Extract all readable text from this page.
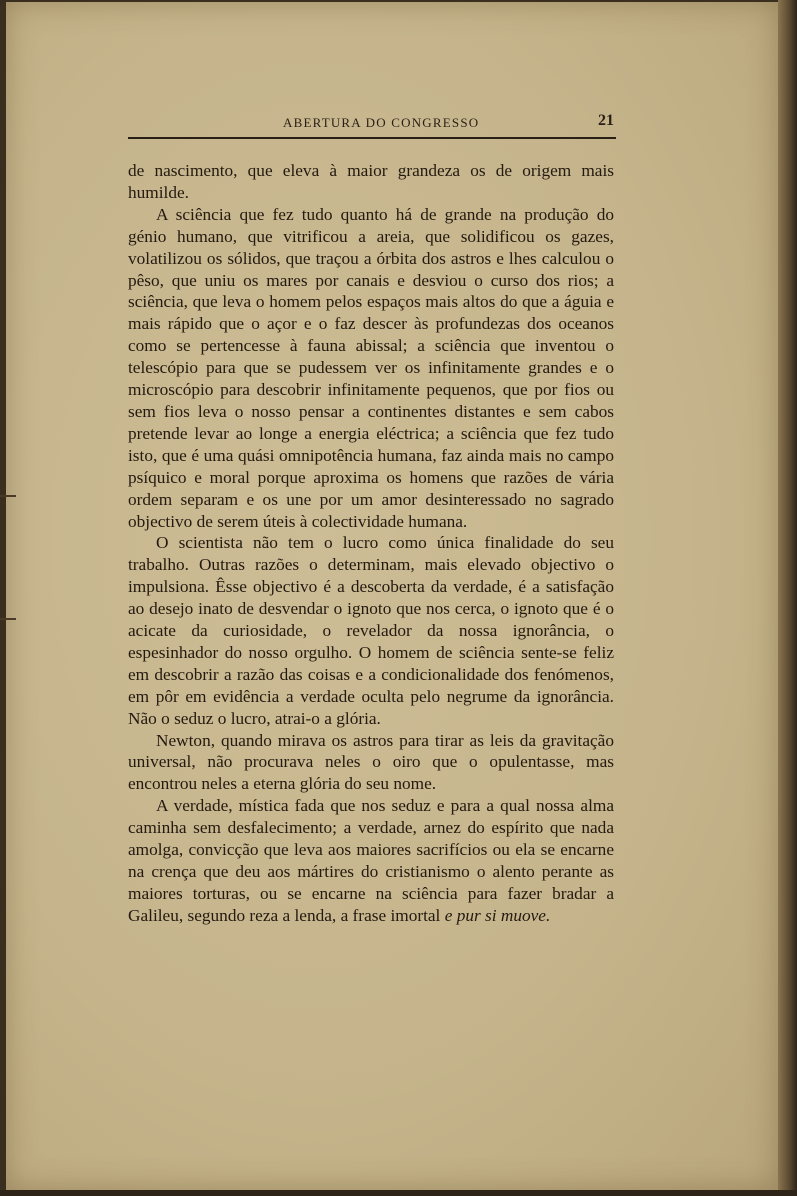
ABERTURA DO CONGRESSO	21

de nascimento, que eleva à maior grandeza os de origem mais humilde.

A sciência que fez tudo quanto há de grande na produção do génio humano, que vitrificou a areia, que solidificou os gazes, volatilizou os sólidos, que traçou a órbita dos astros e lhes calculou o pêso, que uniu os mares por canais e desviou o curso dos rios; a sciência, que leva o homem pelos espaços mais altos do que a águia e mais rápido que o açor e o faz descer às profundezas dos oceanos como se pertencesse à fauna abissal; a sciência que inventou o telescópio para que se pudessem ver os infinitamente grandes e o microscópio para descobrir infinitamente pequenos, que por fios ou sem fios leva o nosso pensar a continentes distantes e sem cabos pretende levar ao longe a energia eléctrica; a sciência que fez tudo isto, que é uma quási omnipotência humana, faz ainda mais no campo psíquico e moral porque aproxima os homens que razões de vária ordem separam e os une por um amor desinteressado no sagrado objectivo de serem úteis à colectividade humana.

O scientista não tem o lucro como única finalidade do seu trabalho. Outras razões o determinam, mais elevado objectivo o impulsiona. Êsse objectivo é a descoberta da verdade, é a satisfação ao desejo inato de desvendar o ignoto que nos cerca, o ignoto que é o acicate da curiosidade, o revelador da nossa ignorância, o espesinhador do nosso orgulho. O homem de sciência sente-se feliz em descobrir a razão das coisas e a condicionalidade dos fenómenos, em pôr em evidência a verdade oculta pelo negrume da ignorância. Não o seduz o lucro, atrai-o a glória.

Newton, quando mirava os astros para tirar as leis da gravitação universal, não procurava neles o oiro que o opulentasse, mas encontrou neles a eterna glória do seu nome.

A verdade, mística fada que nos seduz e para a qual nossa alma caminha sem desfalecimento; a verdade, arnez do espírito que nada amolga, convicção que leva aos maiores sacrifícios ou ela se encarne na crença que deu aos mártires do cristianismo o alento perante as maiores torturas, ou se encarne na sciência para fazer bradar a Galileu, segundo reza a lenda, a frase imortal e pur si muove.
